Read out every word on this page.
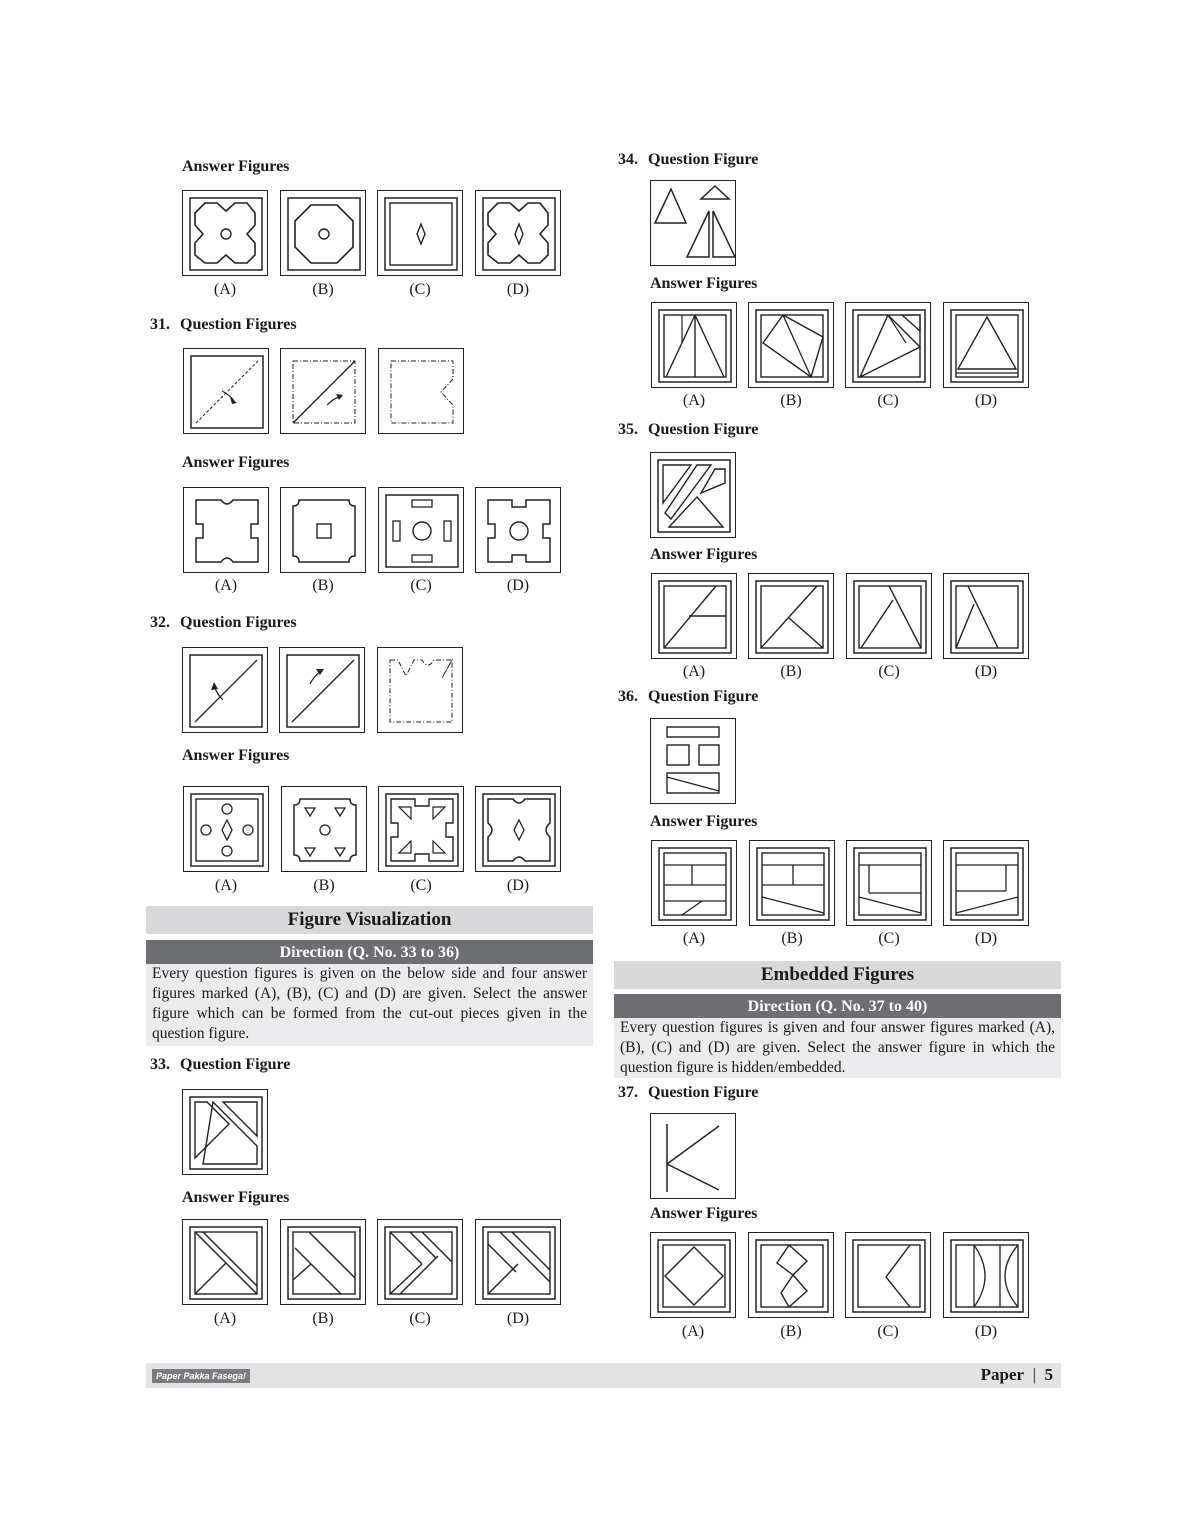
Answer Figures
(A)	(B)	(C)	(D)
31. Question Figures
Answer Figures
(A)	(B)	(C)	(D)
32. Question Figures
Answer Figures
(A)	(B)	(C)	(D)
Figure Visualization
Direction (Q. No. 33 to 36)
Every question figures is given on the below side and four answer figures marked (A), (B), (C) and (D) are given. Select the answer figure which can be formed from the cut-out pieces given in the question figure.
33. Question Figure
Answer Figures
(A)	(B)	(C)	(D)
34. Question Figure
Answer Figures
(A)	(B)	(C)	(D)
35. Question Figure
Answer Figures
(A)	(B)	(C)	(D)
36. Question Figure
Answer Figures
(A)	(B)	(C)	(D)
Embedded Figures
Direction (Q. No. 37 to 40)
Every question figures is given and four answer figures marked (A), (B), (C) and (D) are given. Select the answer figure in which the question figure is hidden/embedded.
37. Question Figure
Answer Figures
(A)	(B)	(C)	(D)
Paper Pakka Fasega!	Paper | 5
